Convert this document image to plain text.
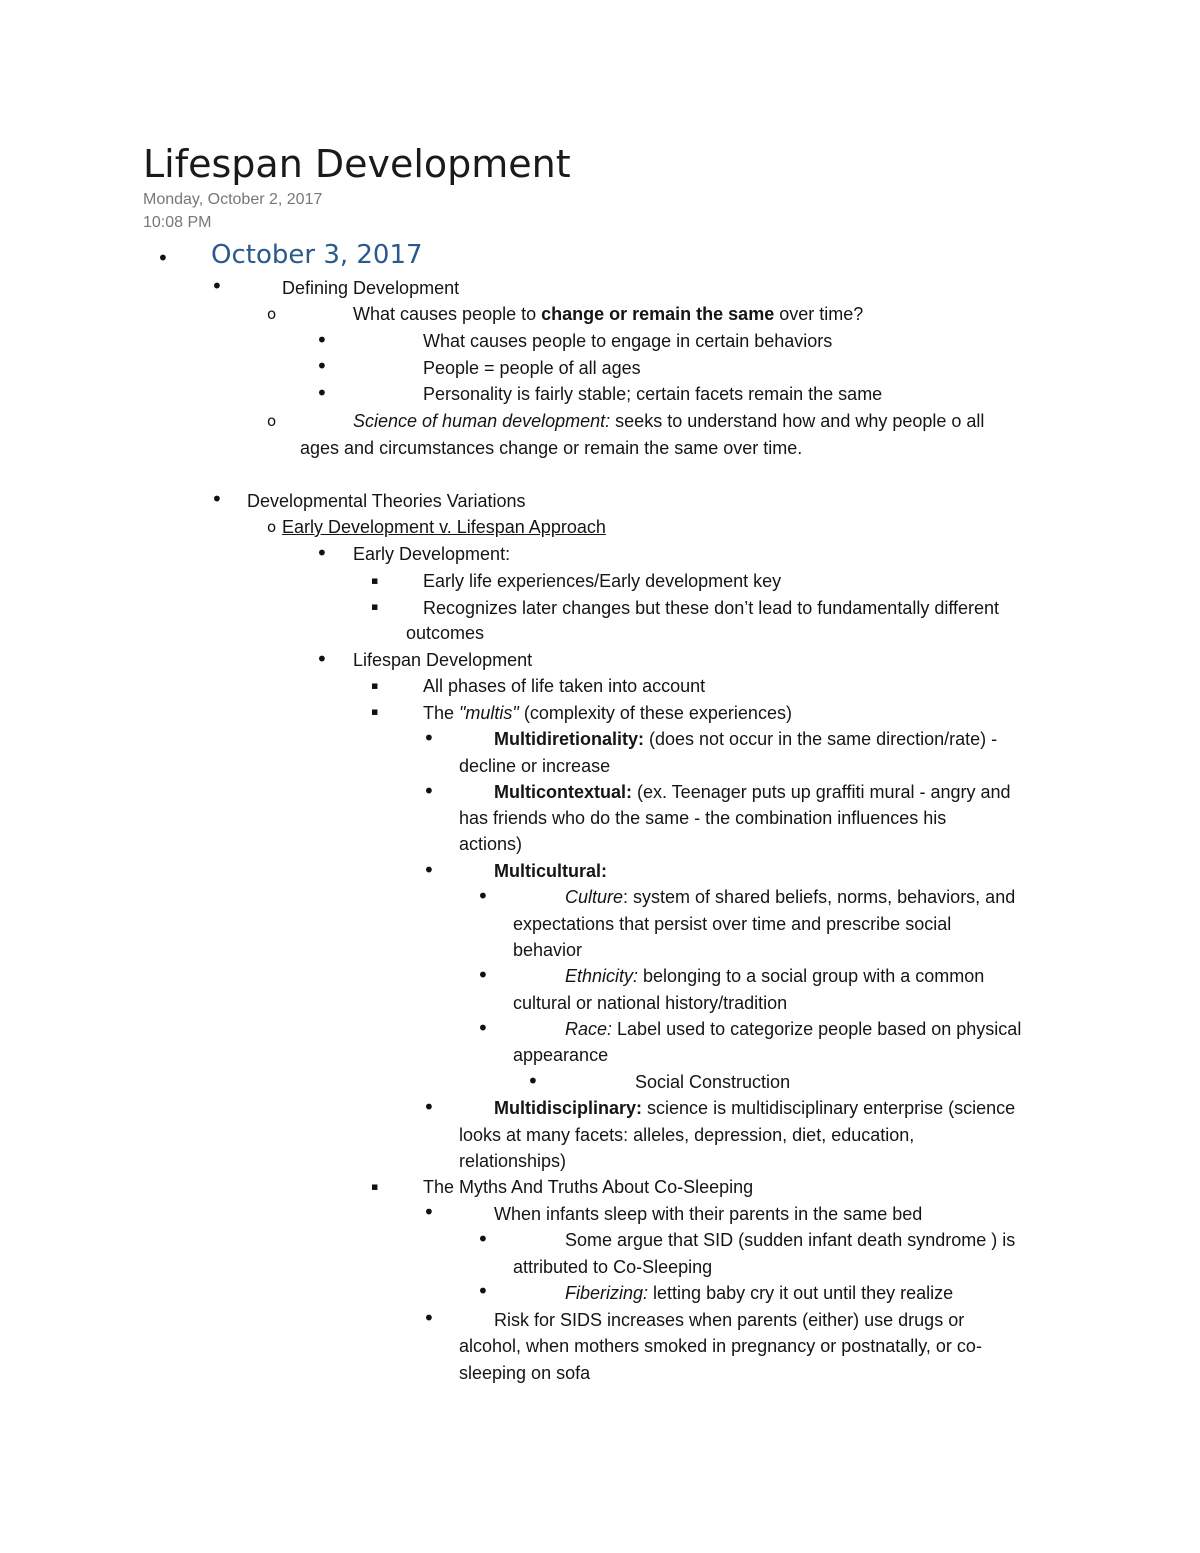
Lifespan Development
Monday, October 2, 2017
10:08 PM
• October 3, 2017
•	Defining Development
o	What causes people to change or remain the same over time?
•	What causes people to engage in certain behaviors
•	People = people of all ages
•	Personality is fairly stable; certain facets remain the same
o	Science of human development: seeks to understand how and why people o all
ages and circumstances change or remain the same over time.
• Developmental Theories Variations
o Early Development v. Lifespan Approach
• Early Development:
▪ Early life experiences/Early development key
▪ Recognizes later changes but these don’t lead to fundamentally different
outcomes
• Lifespan Development
▪ All phases of life taken into account
▪ The "multis" (complexity of these experiences)
•	Multidiretionality: (does not occur in the same direction/rate) -
decline or increase
•	Multicontextual: (ex. Teenager puts up graffiti mural - angry and
has friends who do the same - the combination influences his
actions)
•	Multicultural:
•	Culture: system of shared beliefs, norms, behaviors, and
expectations that persist over time and prescribe social
behavior
•	Ethnicity: belonging to a social group with a common
cultural or national history/tradition
•	Race: Label used to categorize people based on physical
appearance
•	Social Construction
•	Multidisciplinary: science is multidisciplinary enterprise (science
looks at many facets: alleles, depression, diet, education,
relationships)
▪ The Myths And Truths About Co-Sleeping
•	When infants sleep with their parents in the same bed
•	Some argue that SID (sudden infant death syndrome ) is
attributed to Co-Sleeping
•	Fiberizing: letting baby cry it out until they realize
•	Risk for SIDS increases when parents (either) use drugs or
alcohol, when mothers smoked in pregnancy or postnatally, or co-
sleeping on sofa
